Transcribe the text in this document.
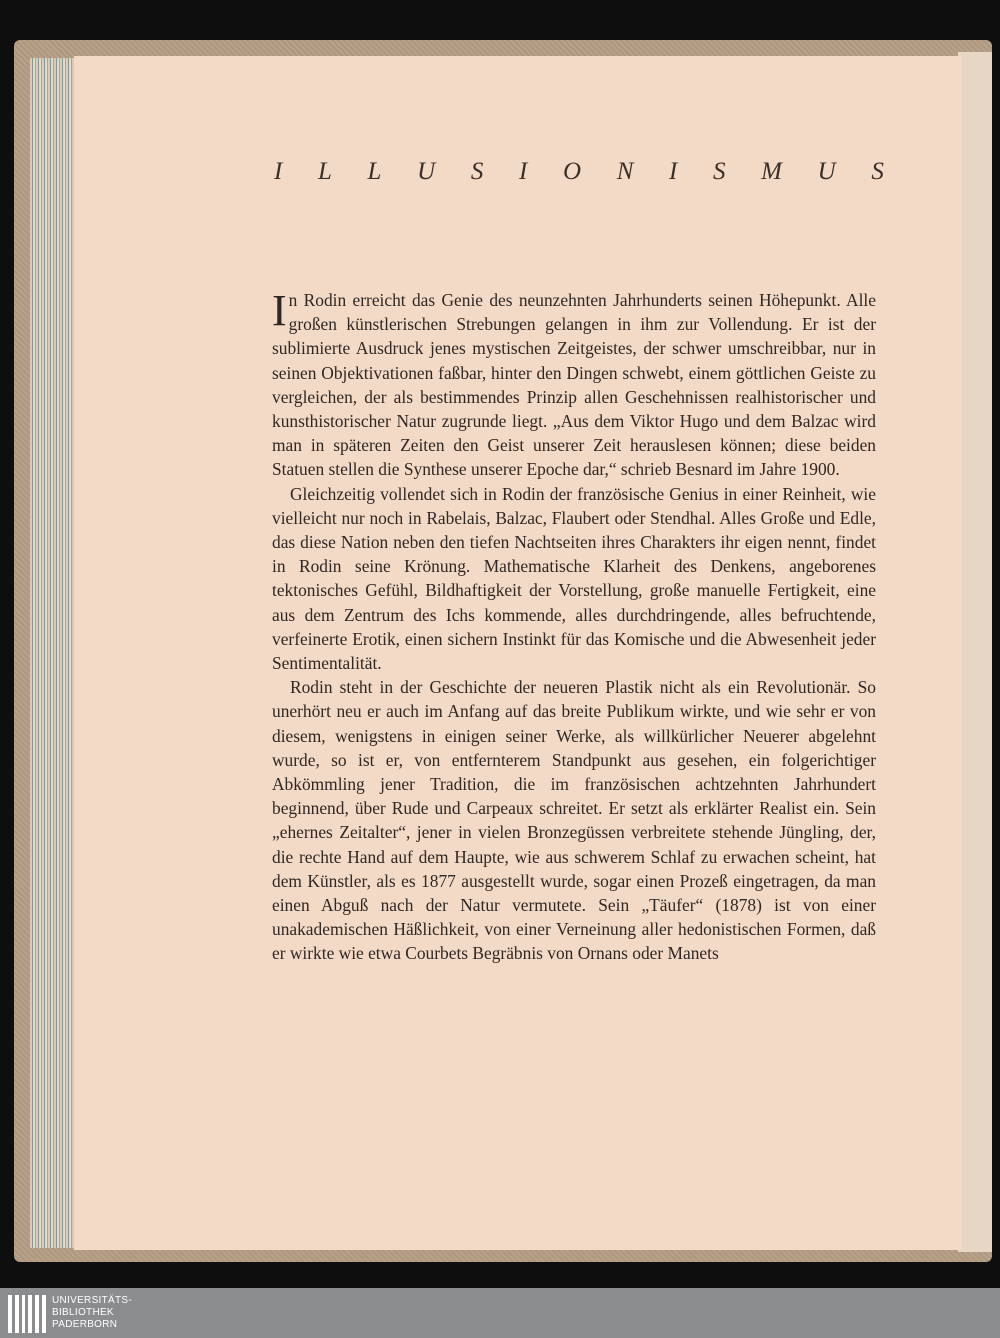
I L L U S I O N I S M U S

In Rodin erreicht das Genie des neunzehnten Jahrhunderts seinen Höhepunkt. Alle großen künstlerischen Strebungen gelangen in ihm zur Vollendung. Er ist der sublimierte Ausdruck jenes mystischen Zeitgeistes, der schwer umschreibbar, nur in seinen Objektivationen faßbar, hinter den Dingen schwebt, einem göttlichen Geiste zu vergleichen, der als bestimmendes Prinzip allen Geschehnissen realhistorischer und kunsthistorischer Natur zugrunde liegt. „Aus dem Viktor Hugo und dem Balzac wird man in späteren Zeiten den Geist unserer Zeit herauslesen können; diese beiden Statuen stellen die Synthese unserer Epoche dar,“ schrieb Besnard im Jahre 1900.

Gleichzeitig vollendet sich in Rodin der französische Genius in einer Reinheit, wie vielleicht nur noch in Rabelais, Balzac, Flaubert oder Stendhal. Alles Große und Edle, das diese Nation neben den tiefen Nachtseiten ihres Charakters ihr eigen nennt, findet in Rodin seine Krönung. Mathematische Klarheit des Denkens, angeborenes tektonisches Gefühl, Bildhaftigkeit der Vorstellung, große manuelle Fertigkeit, eine aus dem Zentrum des Ichs kommende, alles durchdringende, alles befruchtende, verfeinerte Erotik, einen sichern Instinkt für das Komische und die Abwesenheit jeder Sentimentalität.

Rodin steht in der Geschichte der neueren Plastik nicht als ein Revolutionär. So unerhört neu er auch im Anfang auf das breite Publikum wirkte, und wie sehr er von diesem, wenigstens in einigen seiner Werke, als willkürlicher Neuerer abgelehnt wurde, so ist er, von entfernterem Standpunkt aus gesehen, ein folgerichtiger Abkömmling jener Tradition, die im französischen achtzehnten Jahrhundert beginnend, über Rude und Carpeaux schreitet. Er setzt als erklärter Realist ein. Sein „ehernes Zeitalter“, jener in vielen Bronzegüssen verbreitete stehende Jüngling, der, die rechte Hand auf dem Haupte, wie aus schwerem Schlaf zu erwachen scheint, hat dem Künstler, als es 1877 ausgestellt wurde, sogar einen Prozeß eingetragen, da man einen Abguß nach der Natur vermutete. Sein „Täufer“ (1878) ist von einer unakademischen Häßlichkeit, von einer Verneinung aller hedonistischen Formen, daß er wirkte wie etwa Courbets Begräbnis von Ornans oder Manets

UNIVERSITÄTS-
BIBLIOTHEK
PADERBORN
